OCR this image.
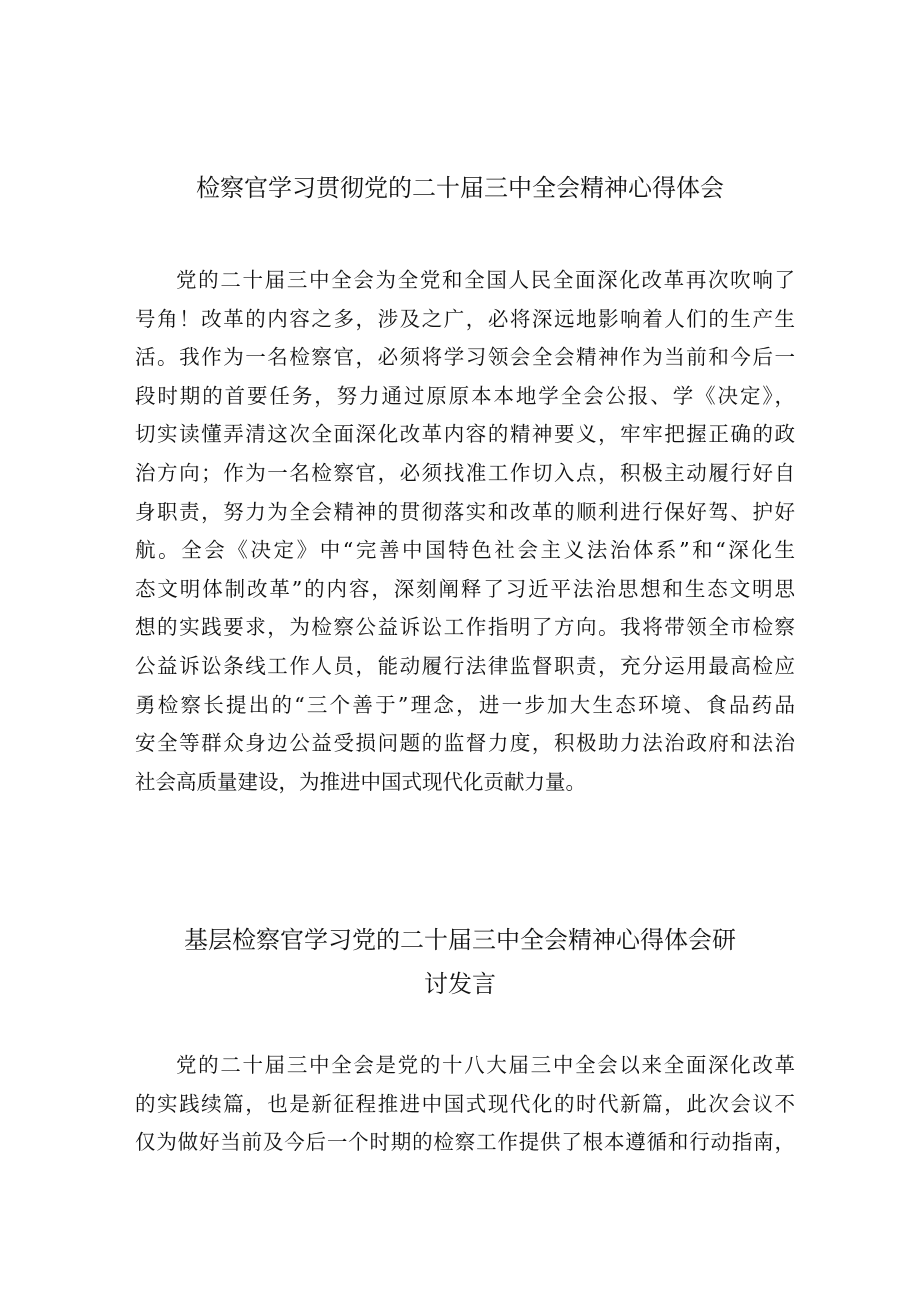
检察官学习贯彻党的二十届三中全会精神心得体会
党的二十届三中全会为全党和全国人民全面深化改革再次吹响了
号角！改革的内容之多，涉及之广，必将深远地影响着人们的生产生
活。我作为一名检察官，必须将学习领会全会精神作为当前和今后一
段时期的首要任务，努力通过原原本本地学全会公报、学《决定》，
切实读懂弄清这次全面深化改革内容的精神要义，牢牢把握正确的政
治方向；作为一名检察官，必须找准工作切入点，积极主动履行好自
身职责，努力为全会精神的贯彻落实和改革的顺利进行保好驾、护好
航。全会《决定》中“完善中国特色社会主义法治体系”和“深化生
态文明体制改革”的内容，深刻阐释了习近平法治思想和生态文明思
想的实践要求，为检察公益诉讼工作指明了方向。我将带领全市检察
公益诉讼条线工作人员，能动履行法律监督职责，充分运用最高检应
勇检察长提出的“三个善于”理念，进一步加大生态环境、食品药品
安全等群众身边公益受损问题的监督力度，积极助力法治政府和法治
社会高质量建设，为推进中国式现代化贡献力量。
基层检察官学习党的二十届三中全会精神心得体会研
讨发言
党的二十届三中全会是党的十八大届三中全会以来全面深化改革
的实践续篇，也是新征程推进中国式现代化的时代新篇，此次会议不
仅为做好当前及今后一个时期的检察工作提供了根本遵循和行动指南，
